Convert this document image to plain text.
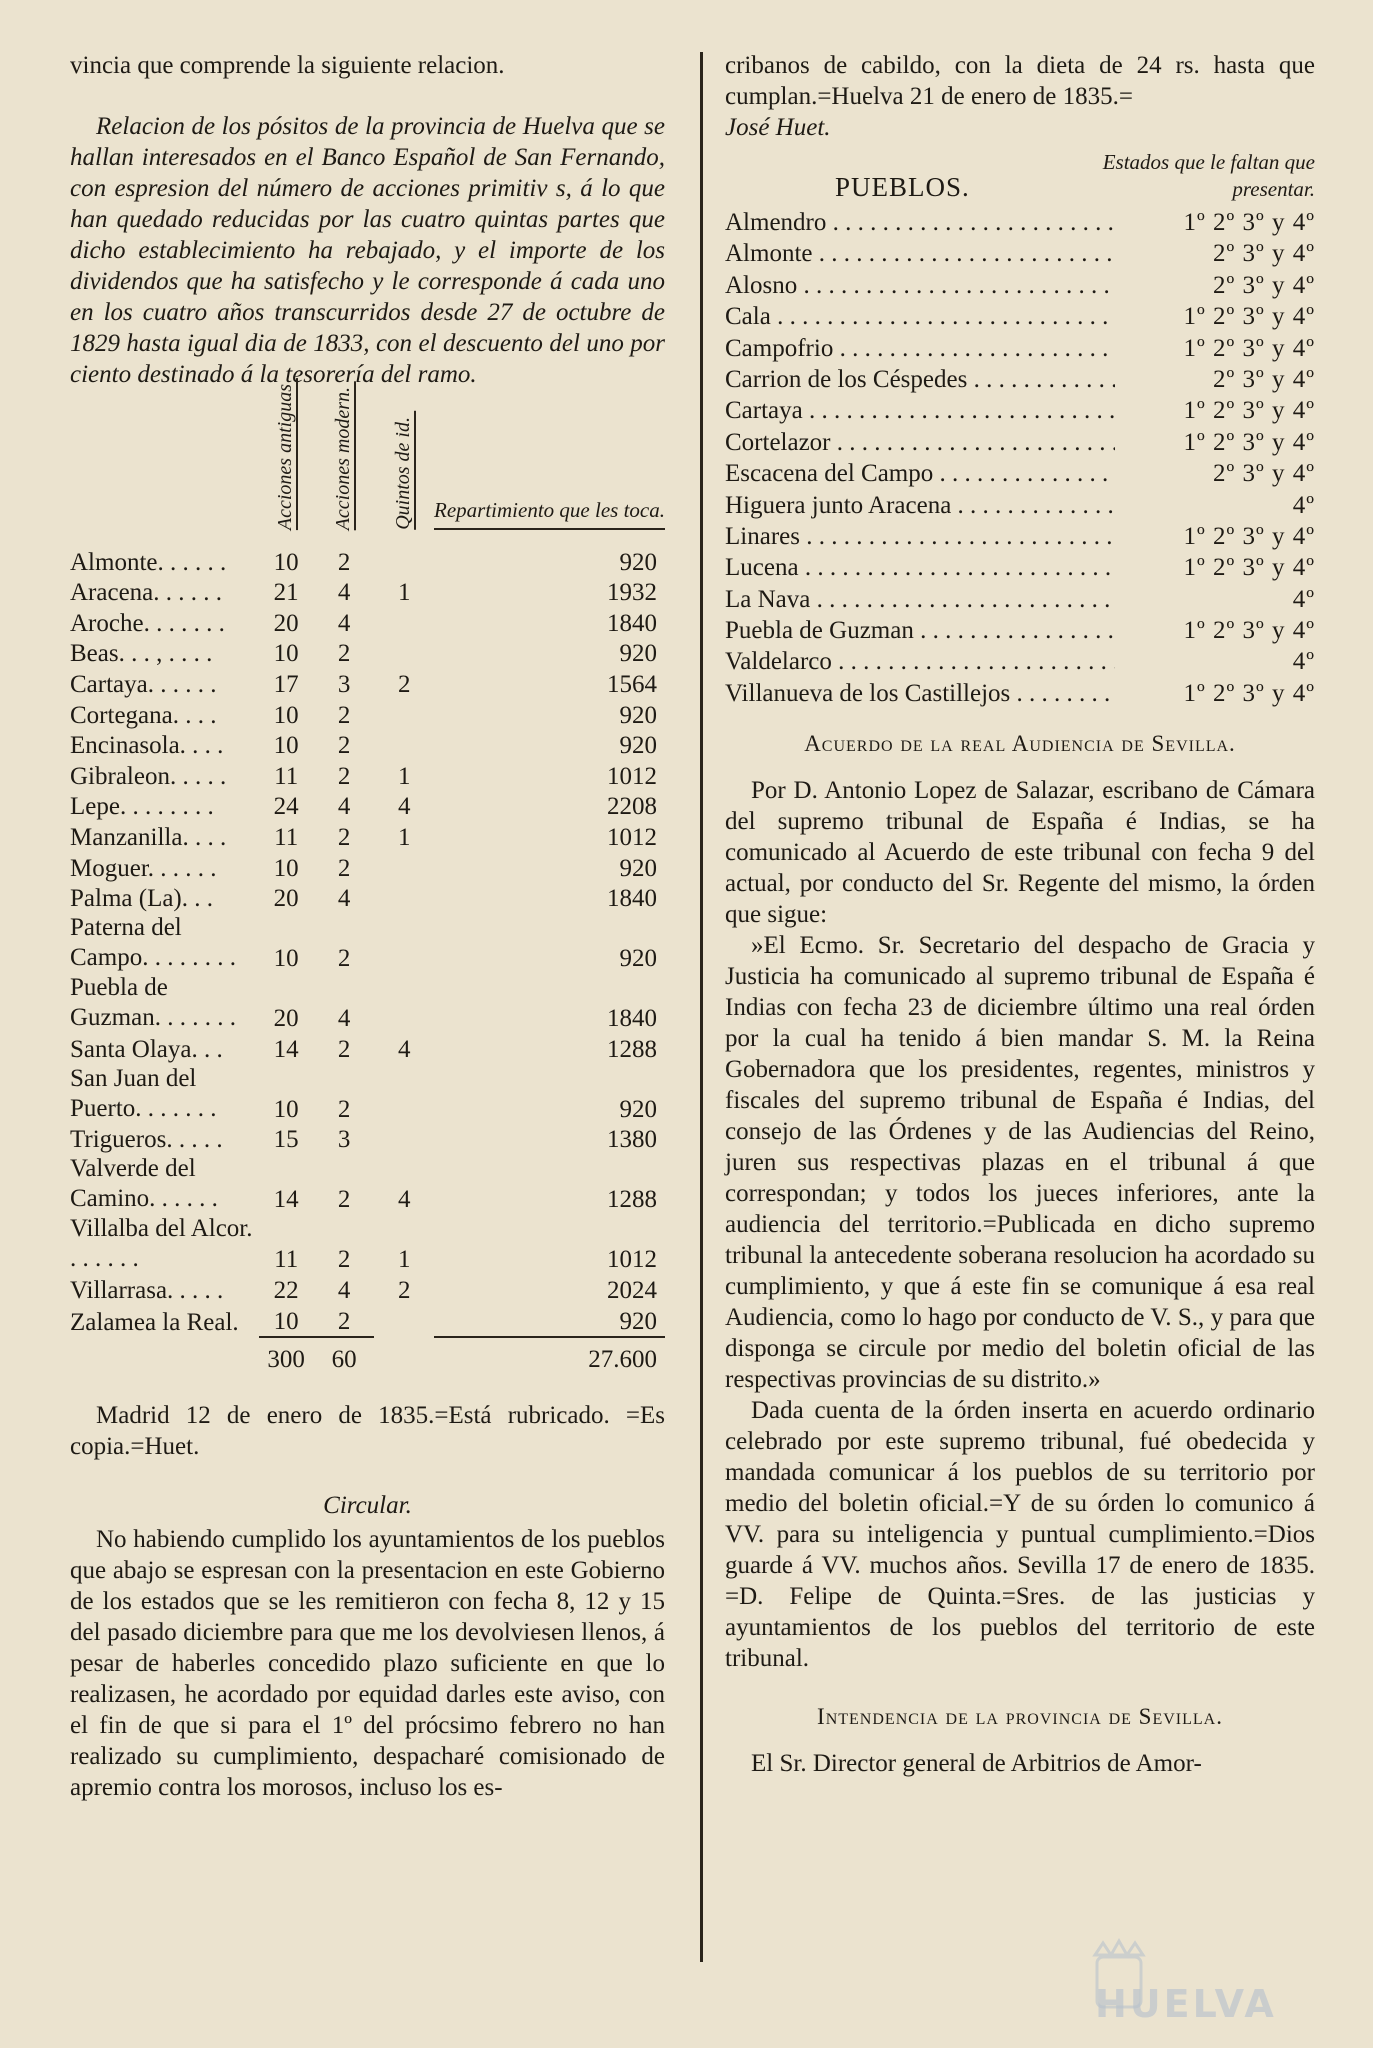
vincia que comprende la siguiente relacion.

Relacion de los pósitos de la provincia de Huelva que se hallan interesados en el Banco Español de San Fernando, con espresion del número de acciones primitiv s, á lo que han quedado reducidas por las cuatro quintas partes que dicho establecimiento ha rebajado, y el importe de los dividendos que ha satisfecho y le corresponde á cada uno en los cuatro años transcurridos desde 27 de octubre de 1829 hasta igual dia de 1833, con el descuento del uno por ciento destinado á la tesorería del ramo.

	Acciones antiguas	Acciones modern.	Quintos de id.	Repartimiento que les toca.

Almonte. . . . . .	10	2		920
Aracena. . . . . .	21	4	1	1932
Aroche. . . . . . .	20	4		1840
Beas. . . , . . . .	10	2		920
Cartaya. . . . . .	17	3	2	1564
Cortegana. . . .	10	2		920
Encinasola. . . .	10	2		920
Gibraleon. . . . .	11	2	1	1012
Lepe. . . . . . . .	24	4	4	2208
Manzanilla. . . .	11	2	1	1012
Moguer. . . . . .	10	2		920
Palma (La). . .	20	4		1840
Paterna del Campo. . . . . . . .	10	2		920
Puebla de Guzman. . . . . . .	20	4		1840
Santa Olaya. . .	14	2	4	1288
San Juan del Puerto. . . . . . .	10	2		920
Trigueros. . . . .	15	3		1380
Valverde del Camino. . . . . .	14	2	4	1288
Villalba del Alcor. . . . . . .	11	2	1	1012
Villarrasa. . . . .	22	4	2	2024
Zalamea la Real.	10	2		920
	300	60		27.600

Madrid 12 de enero de 1835.=Está rubricado. =Es copia.=Huet.

Circular.

No habiendo cumplido los ayuntamientos de los pueblos que abajo se espresan con la presentacion en este Gobierno de los estados que se les remitieron con fecha 8, 12 y 15 del pasado diciembre para que me los devolviesen llenos, á pesar de haberles concedido plazo suficiente en que lo realizasen, he acordado por equidad darles este aviso, con el fin de que si para el 1º del prócsimo febrero no han realizado su cumplimiento, despacharé comisionado de apremio contra los morosos, incluso los es-

cribanos de cabildo, con la dieta de 24 rs. hasta que cumplan.=Huelva 21 de enero de 1835.=

José Huet.

PUEBLOS.
Estados que le faltan que presentar.
Almendro . . .	1º 2º 3º y 4º
Almonte . . .	2º 3º y 4º
Alosno . . .	2º 3º y 4º
Cala . . .	1º 2º 3º y 4º
Campofrio . . .	1º 2º 3º y 4º
Carrion de los Céspedes . . .	2º 3º y 4º
Cartaya . . .	1º 2º 3º y 4º
Cortelazor . . .	1º 2º 3º y 4º
Escacena del Campo . . .	2º 3º y 4º
Higuera junto Aracena . . .	4º
Linares . . .	1º 2º 3º y 4º
Lucena . . .	1º 2º 3º y 4º
La Nava . . .	4º
Puebla de Guzman . . .	1º 2º 3º y 4º
Valdelarco . . .	4º
Villanueva de los Castillejos . . .	1º 2º 3º y 4º

Acuerdo de la real Audiencia de Sevilla.

Por D. Antonio Lopez de Salazar, escribano de Cámara del supremo tribunal de España é Indias, se ha comunicado al Acuerdo de este tribunal con fecha 9 del actual, por conducto del Sr. Regente del mismo, la órden que sigue:

»El Ecmo. Sr. Secretario del despacho de Gracia y Justicia ha comunicado al supremo tribunal de España é Indias con fecha 23 de diciembre último una real órden por la cual ha tenido á bien mandar S. M. la Reina Gobernadora que los presidentes, regentes, ministros y fiscales del supremo tribunal de España é Indias, del consejo de las Órdenes y de las Audiencias del Reino, juren sus respectivas plazas en el tribunal á que correspondan; y todos los jueces inferiores, ante la audiencia del territorio.=Publicada en dicho supremo tribunal la antecedente soberana resolucion ha acordado su cumplimiento, y que á este fin se comunique á esa real Audiencia, como lo hago por conducto de V. S., y para que disponga se circule por medio del boletin oficial de las respectivas provincias de su distrito.»

Dada cuenta de la órden inserta en acuerdo ordinario celebrado por este supremo tribunal, fué obedecida y mandada comunicar á los pueblos de su territorio por medio del boletin oficial.=Y de su órden lo comunico á VV. para su inteligencia y puntual cumplimiento.=Dios guarde á VV. muchos años. Sevilla 17 de enero de 1835. =D. Felipe de Quinta.=Sres. de las justicias y ayuntamientos de los pueblos del territorio de este tribunal.

Intendencia de la provincia de Sevilla.

El Sr. Director general de Arbitrios de Amor-

HUELVA
